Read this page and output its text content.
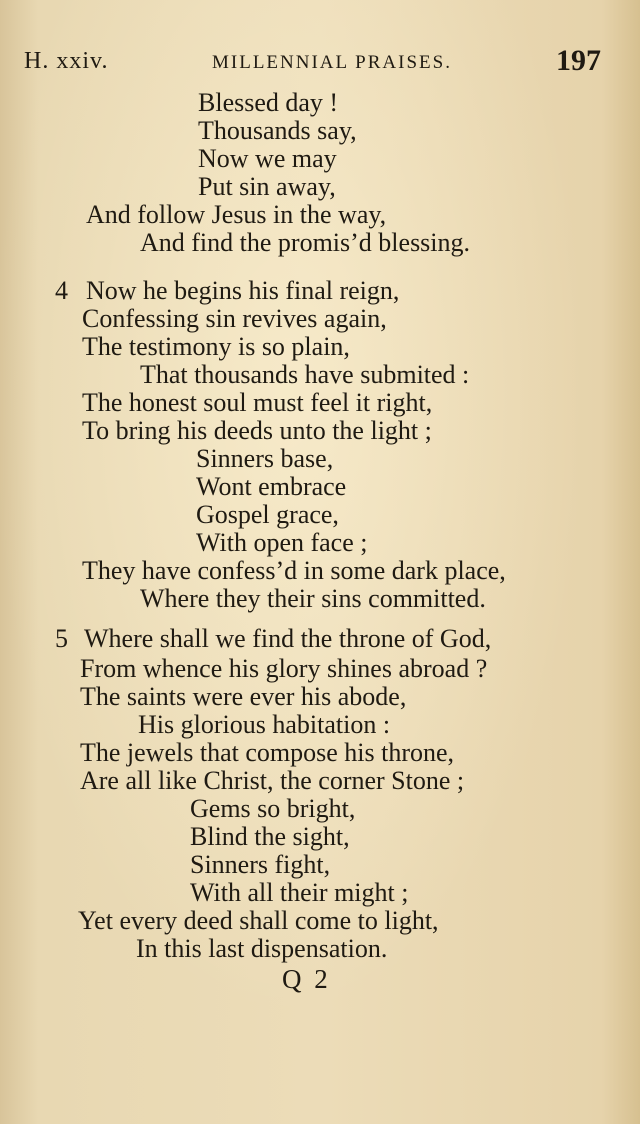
H. xxiv.	MILLENNIAL PRAISES.	197
Blessed day !
Thousands say,
Now we may
Put sin away,
And follow Jesus in the way,
And find the promis’d blessing.
4 Now he begins his final reign,
Confessing sin revives again,
The testimony is so plain,
That thousands have submited :
The honest soul must feel it right,
To bring his deeds unto the light ;
Sinners base,
Wont embrace
Gospel grace,
With open face ;
They have confess’d in some dark place,
Where they their sins committed.
5 Where shall we find the throne of God,
From whence his glory shines abroad ?
The saints were ever his abode,
His glorious habitation :
The jewels that compose his throne,
Are all like Christ, the corner Stone ;
Gems so bright,
Blind the sight,
Sinners fight,
With all their might ;
Yet every deed shall come to light,
In this last dispensation.
Q 2
